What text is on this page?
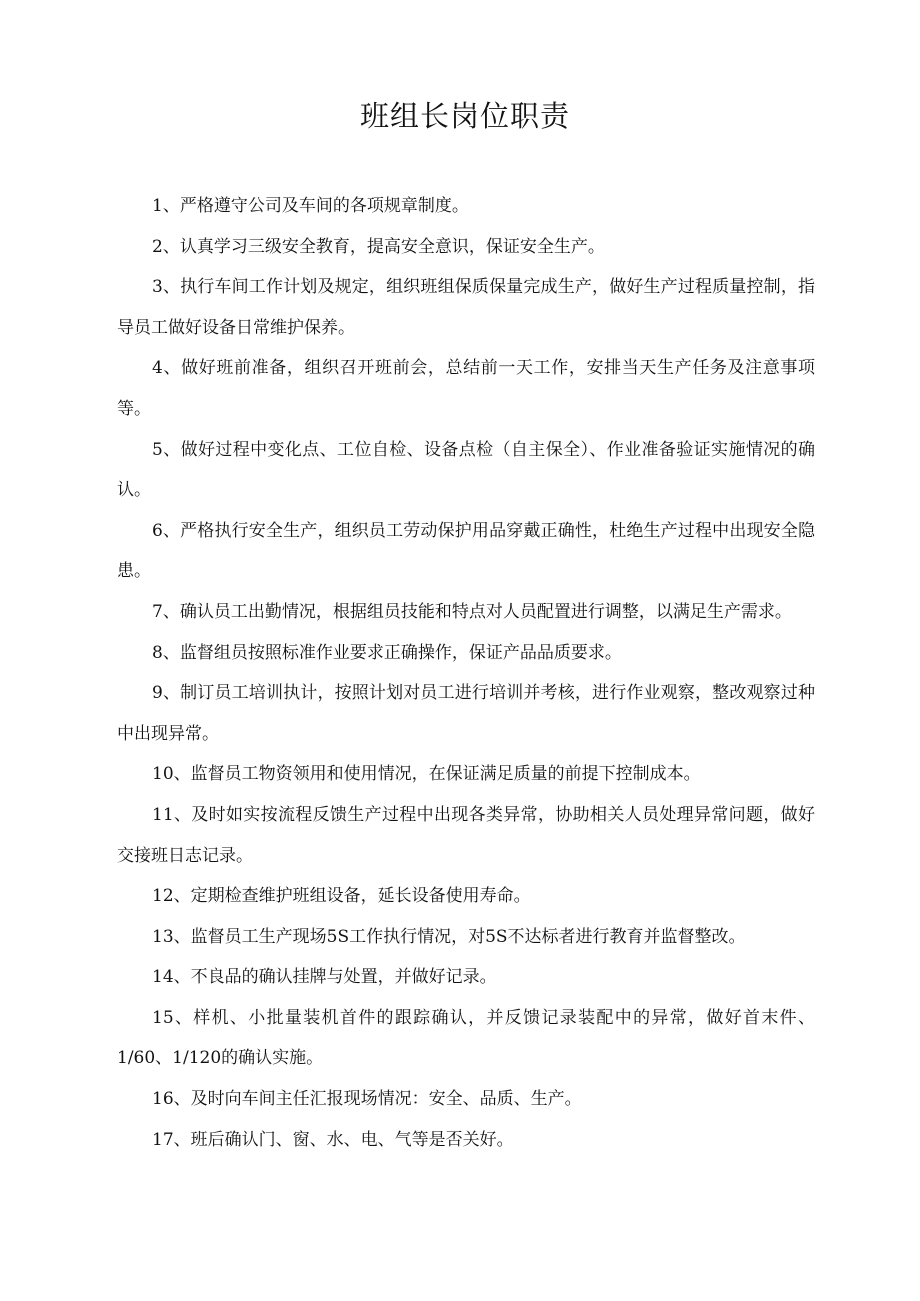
班组长岗位职责

1、严格遵守公司及车间的各项规章制度。

2、认真学习三级安全教育，提高安全意识，保证安全生产。

3、执行车间工作计划及规定，组织班组保质保量完成生产，做好生产过程质量控制，指导员工做好设备日常维护保养。

4、做好班前准备，组织召开班前会，总结前一天工作，安排当天生产任务及注意事项等。

5、做好过程中变化点、工位自检、设备点检（自主保全）、作业准备验证实施情况的确认。

6、严格执行安全生产，组织员工劳动保护用品穿戴正确性，杜绝生产过程中出现安全隐患。

7、确认员工出勤情况，根据组员技能和特点对人员配置进行调整，以满足生产需求。

8、监督组员按照标准作业要求正确操作，保证产品品质要求。

9、制订员工培训执计，按照计划对员工进行培训并考核，进行作业观察，整改观察过种中出现异常。

10、监督员工物资领用和使用情况，在保证满足质量的前提下控制成本。

11、及时如实按流程反馈生产过程中出现各类异常，协助相关人员处理异常问题，做好交接班日志记录。

12、定期检查维护班组设备，延长设备使用寿命。

13、监督员工生产现场5S工作执行情况，对5S不达标者进行教育并监督整改。

14、不良品的确认挂牌与处置，并做好记录。

15、样机、小批量装机首件的跟踪确认，并反馈记录装配中的异常，做好首末件、1/60、1/120的确认实施。

16、及时向车间主任汇报现场情况：安全、品质、生产。

17、班后确认门、窗、水、电、气等是否关好。
